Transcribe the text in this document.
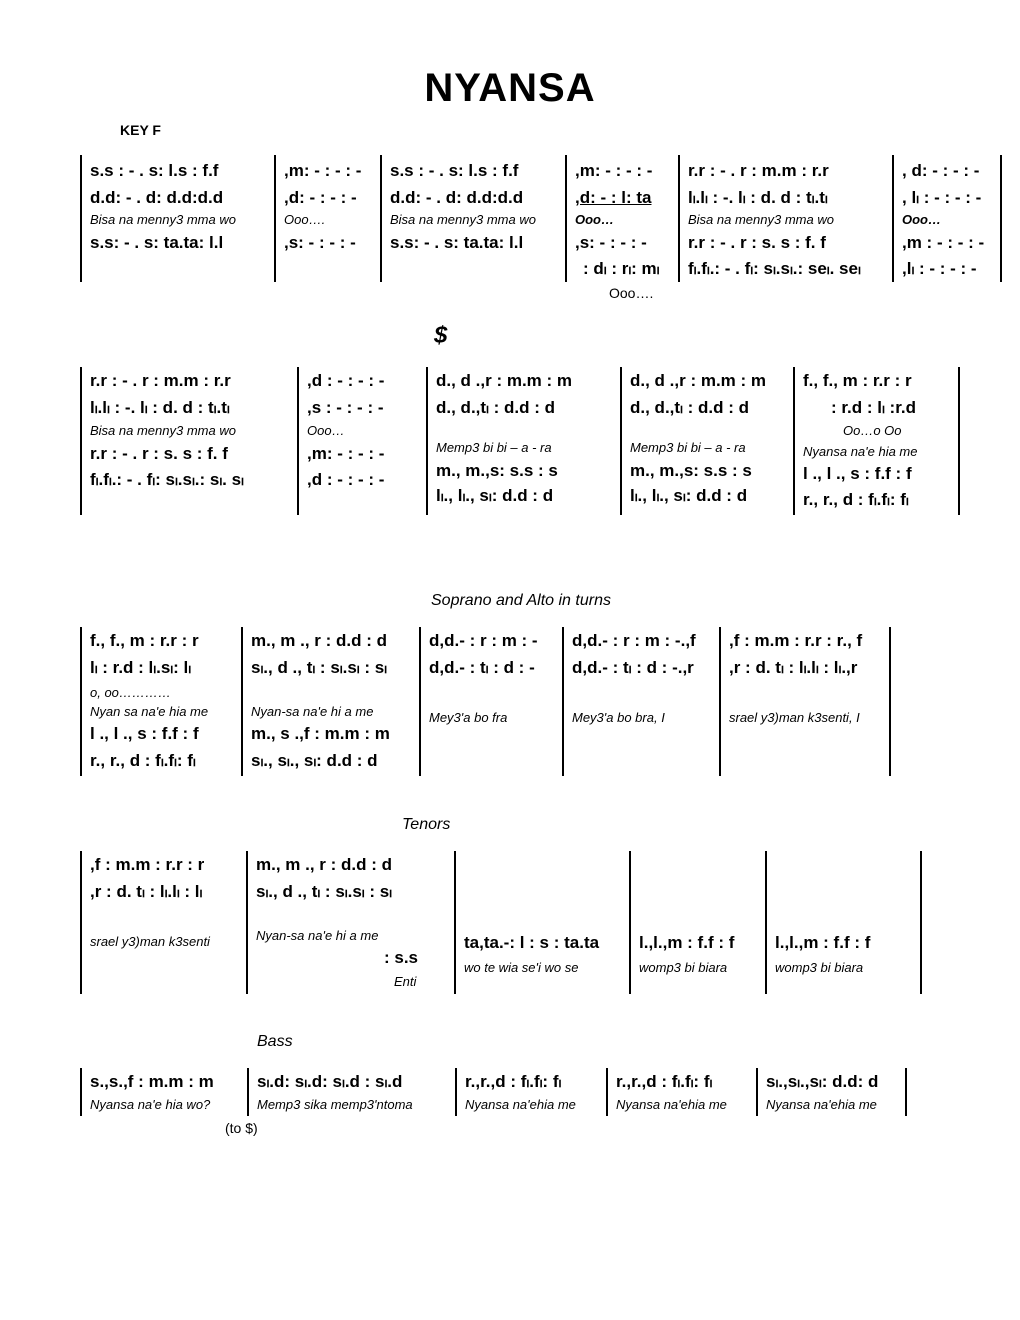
NYANSA
KEY F
$
Soprano and Alto in turns
Tenors
Bass
(to $)
s.s : - . s: l.s : f.f
d.d: - . d: d.d:d.d
Bisa na menny3 mma wo
s.s: - . s: ta.ta: l.l
,m: - : - : -
,d: - : - : -
Ooo….
,s: - : - : -
s.s : - . s: l.s : f.f
d.d: - . d: d.d:d.d
Bisa na menny3 mma wo
s.s: - . s: ta.ta: l.l
,m: - : - : -
,d: - : l: ta
Ooo…
,s: - : - : -
: dₗ : rₗ: mₗ
Ooo….
r.r : - . r : m.m : r.r
lₗ.lₗ : -. lₗ : d. d : tₗ.tₗ
Bisa na menny3 mma wo
r.r : - . r : s. s : f. f
fₗ.fₗ.: - . fₗ: sₗ.sₗ.: seₗ. seₗ
, d: - : - : -
, lₗ : - : - : -
Ooo…
,m : - : - : -
,lₗ : - : - : -
r.r : - . r : m.m : r.r
lₗ.lₗ : -. lₗ : d. d : tₗ.tₗ
Bisa na menny3 mma wo
r.r : - . r : s. s : f. f
fₗ.fₗ.: - . fₗ: sₗ.sₗ.: sₗ. sₗ
,d : - : - : -
,s : - : - : -
Ooo…
,m: - : - : -
,d : - : - : -
d., d .,r : m.m : m
d., d.,tₗ : d.d : d
Memp3 bi bi – a - ra
m., m.,s: s.s : s
lₗ., lₗ., sₗ: d.d : d
d., d .,r : m.m : m
d., d.,tₗ : d.d : d
Memp3 bi bi – a - ra
m., m.,s: s.s : s
lₗ., lₗ., sₗ: d.d : d
f., f., m : r.r : r
: r.d : lₗ :r.d
Oo…o Oo
Nyansa na'e hia me
l ., l ., s : f.f : f
r., r., d : fₗ.fₗ: fₗ
f., f., m : r.r : r
lₗ : r.d : lₗ.sₗ: lₗ
o, oo…………
Nyan sa na'e hia me
l ., l ., s : f.f : f
r., r., d : fₗ.fₗ: fₗ
m., m ., r : d.d : d
sₗ., d ., tₗ : sₗ.sₗ : sₗ
Nyan-sa na'e hi a me
m., s .,f : m.m : m
sₗ., sₗ., sₗ: d.d : d
d,d.- : r : m : -
d,d.- : tₗ : d : -
Mey3'a bo fra
d,d.- : r : m : -.,f
d,d.- : tₗ : d : -.,r
Mey3'a bo bra, I
,f : m.m : r.r : r., f
,r : d. tₗ : lₗ.lₗ : lₗ.,r
srael y3)man k3senti, I
,f : m.m : r.r : r
,r : d. tₗ : lₗ.lₗ : lₗ
srael y3)man k3senti
m., m ., r : d.d : d
sₗ., d ., tₗ : sₗ.sₗ : sₗ
Nyan-sa na'e hi a me
: s.s
Enti
ta,ta.-: l : s : ta.ta
wo te wia se'i wo se
l.,l.,m : f.f : f
womp3 bi biara
l.,l.,m : f.f : f
womp3 bi biara
s.,s.,f : m.m : m
Nyansa na'e hia wo?
sₗ.d: sₗ.d: sₗ.d : sₗ.d
Memp3 sika memp3'ntoma
r.,r.,d : fₗ.fₗ: fₗ
Nyansa na'ehia me
r.,r.,d : fₗ.fₗ: fₗ
Nyansa na'ehia me
sₗ.,sₗ.,sₗ: d.d: d
Nyansa na'ehia me
